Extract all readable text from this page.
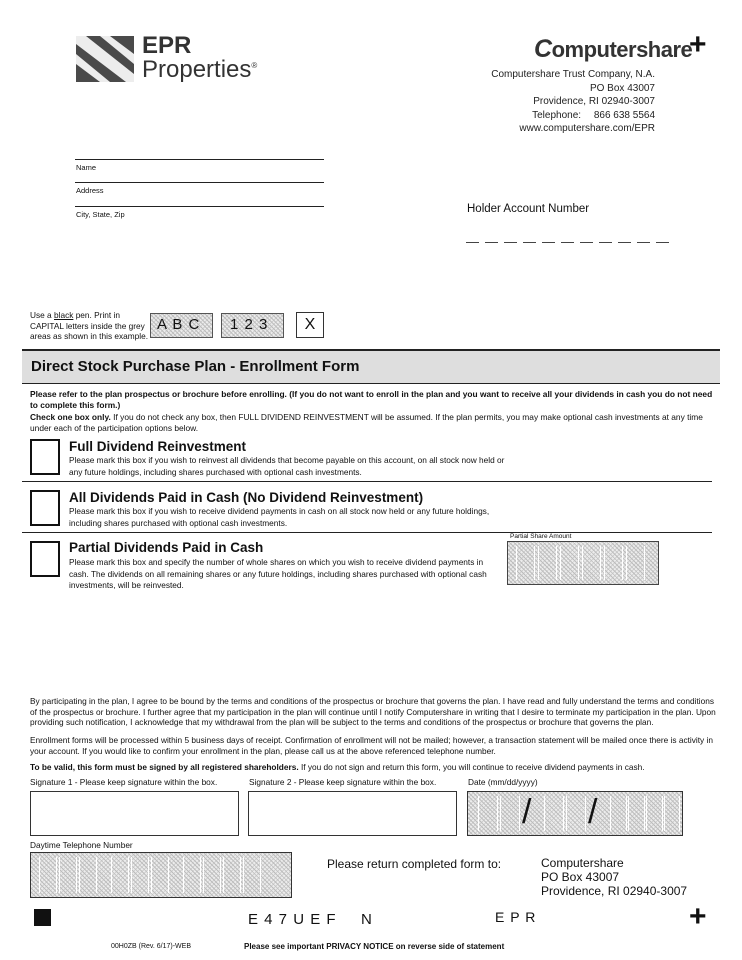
EPR
Properties®
Computershare
Computershare Trust Company, N.A.
PO Box 43007
Providence, RI 02940-3007
Telephone: 866 638 5564
www.computershare.com/EPR
+
Name
Address
City, State, Zip	Holder Account Number
Use a black pen. Print in
CAPITAL letters inside the grey
areas as shown in this example.
A B C 1 2 3	X
Direct Stock Purchase Plan - Enrollment Form
Please refer to the plan prospectus or brochure before enrolling. (If you do not want to enroll in the plan and you want to receive all your dividends in cash you do not need to complete this form.)
Check one box only. If you do not check any box, then FULL DIVIDEND REINVESTMENT will be assumed. If the plan permits, you may make optional cash investments at any time under each of the participation options below.
Full Dividend Reinvestment
Please mark this box if you wish to reinvest all dividends that become payable on this account, on all stock now held or any future holdings, including shares purchased with optional cash investments.
All Dividends Paid in Cash (No Dividend Reinvestment)
Please mark this box if you wish to receive dividend payments in cash on all stock now held or any future holdings, including shares purchased with optional cash investments.
Partial Dividends Paid in Cash
Please mark this box and specify the number of whole shares on which you wish to receive dividend payments in cash. The dividends on all remaining shares or any future holdings, including shares purchased with optional cash investments, will be reinvested.
Partial Share Amount
By participating in the plan, I agree to be bound by the terms and conditions of the prospectus or brochure that governs the plan. I have read and fully understand the terms and conditions of the prospectus or brochure. I further agree that my participation in the plan will continue until I notify Computershare in writing that I desire to terminate my participation in the plan. Upon providing such notification, I acknowledge that my withdrawal from the plan will be subject to the terms and conditions of the prospectus or brochure that governs the plan.
Enrollment forms will be processed within 5 business days of receipt. Confirmation of enrollment will not be mailed; however, a transaction statement will be mailed once there is activity in your account. If you would like to confirm your enrollment in the plan, please call us at the above referenced telephone number.
To be valid, this form must be signed by all registered shareholders. If you do not sign and return this form, you will continue to receive dividend payments in cash.
Signature 1 - Please keep signature within the box.	Signature 2 - Please keep signature within the box.	Date (mm/dd/yyyy)
/ /
Daytime Telephone Number
Please return completed form to:	Computershare
PO Box 43007
Providence, RI 02940-3007
E 4 7 U E F N	E P R	+
00H0ZB (Rev. 6/17)-WEB	Please see important PRIVACY NOTICE on reverse side of statement
